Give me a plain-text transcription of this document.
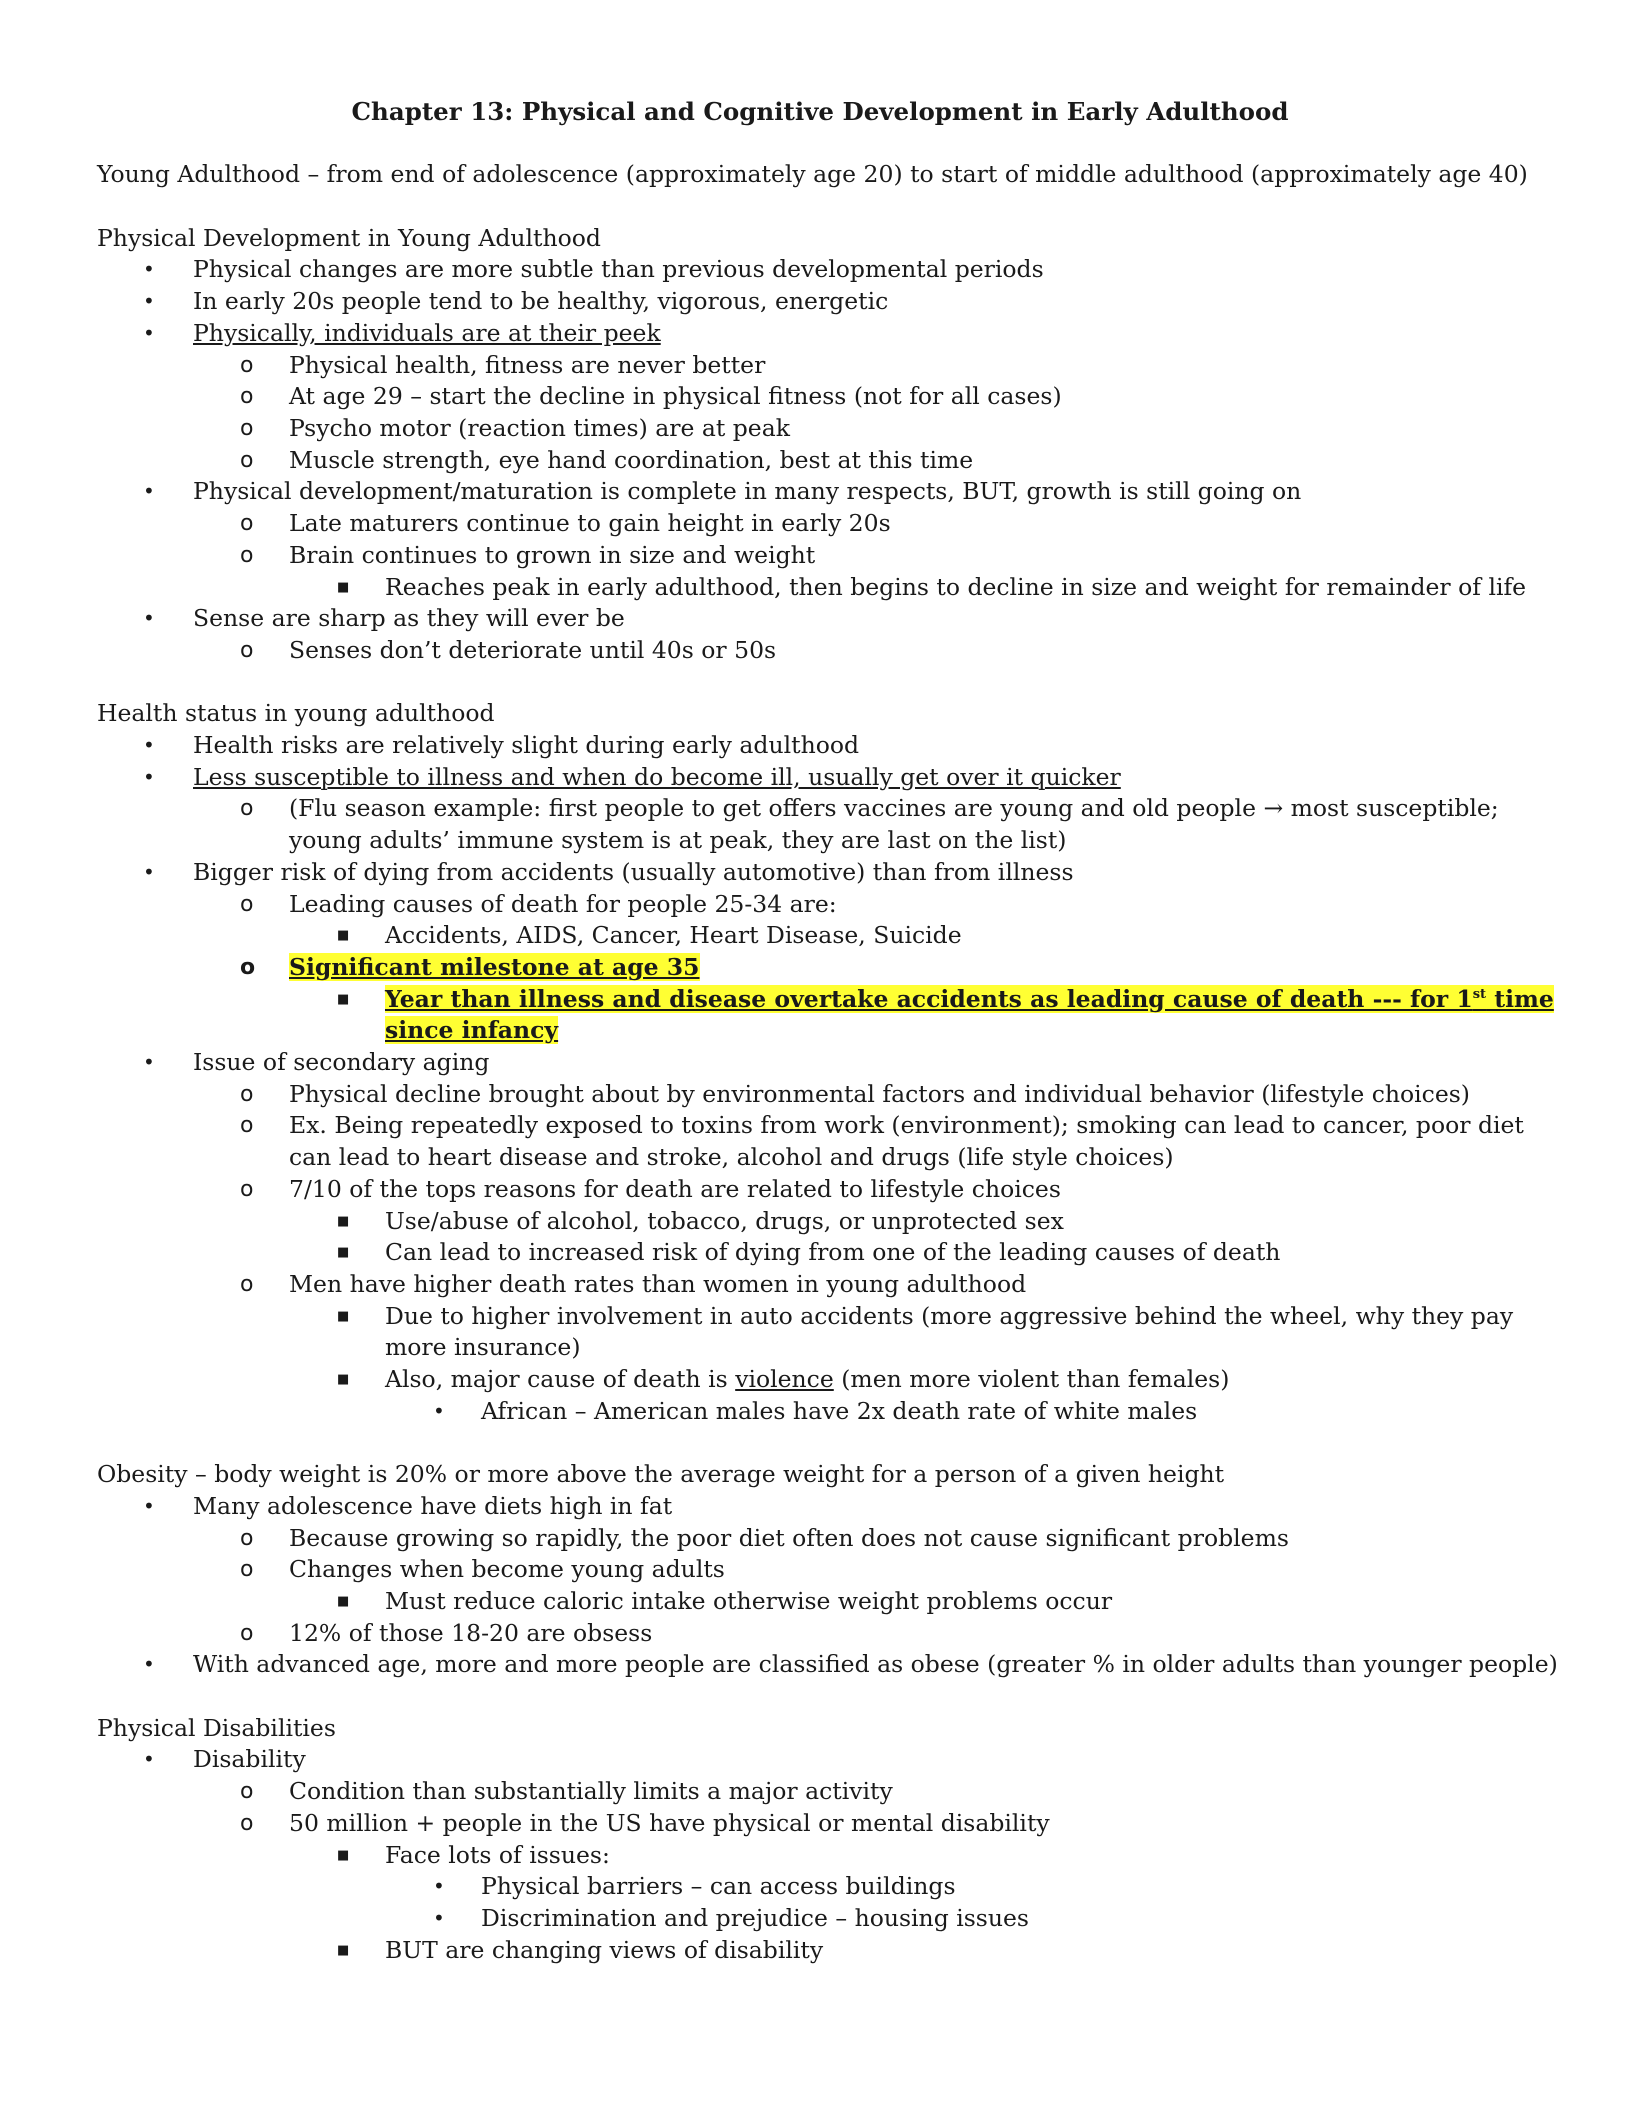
Chapter 13: Physical and Cognitive Development in Early Adulthood

Young Adulthood – from end of adolescence (approximately age 20) to start of middle adulthood (approximately age 40)

Physical Development in Young Adulthood

•	Physical changes are more subtle than previous developmental periods
•	In early 20s people tend to be healthy, vigorous, energetic
•	Physically, individuals are at their peek
o	Physical health, fitness are never better
o	At age 29 – start the decline in physical fitness (not for all cases)
o	Psycho motor (reaction times) are at peak
o	Muscle strength, eye hand coordination, best at this time
•	Physical development/maturation is complete in many respects, BUT, growth is still going on
o	Late maturers continue to gain height in early 20s
o	Brain continues to grown in size and weight
■	Reaches peak in early adulthood, then begins to decline in size and weight for remainder of life
•	Sense are sharp as they will ever be
o	Senses don’t deteriorate until 40s or 50s

Health status in young adulthood

•	Health risks are relatively slight during early adulthood
•	Less susceptible to illness and when do become ill, usually get over it quicker
o	(Flu season example: first people to get offers vaccines are young and old people → most susceptible; young adults’ immune system is at peak, they are last on the list)
•	Bigger risk of dying from accidents (usually automotive) than from illness
o	Leading causes of death for people 25-34 are:
■	Accidents, AIDS, Cancer, Heart Disease, Suicide
o	Significant milestone at age 35
■	Year than illness and disease overtake accidents as leading cause of death --- for 1st time since infancy
•	Issue of secondary aging
o	Physical decline brought about by environmental factors and individual behavior (lifestyle choices)
o	Ex. Being repeatedly exposed to toxins from work (environment); smoking can lead to cancer, poor diet can lead to heart disease and stroke, alcohol and drugs (life style choices)
o	7/10 of the tops reasons for death are related to lifestyle choices
■	Use/abuse of alcohol, tobacco, drugs, or unprotected sex
■	Can lead to increased risk of dying from one of the leading causes of death
o	Men have higher death rates than women in young adulthood
■	Due to higher involvement in auto accidents (more aggressive behind the wheel, why they pay more insurance)
■	Also, major cause of death is violence (men more violent than females)
•	African – American males have 2x death rate of white males

Obesity – body weight is 20% or more above the average weight for a person of a given height

•	Many adolescence have diets high in fat
o	Because growing so rapidly, the poor diet often does not cause significant problems
o	Changes when become young adults
■	Must reduce caloric intake otherwise weight problems occur
o	12% of those 18-20 are obsess
•	With advanced age, more and more people are classified as obese (greater % in older adults than younger people)

Physical Disabilities

•	Disability
o	Condition than substantially limits a major activity
o	50 million + people in the US have physical or mental disability
■	Face lots of issues:
•	Physical barriers – can access buildings
•	Discrimination and prejudice – housing issues
■	BUT are changing views of disability
